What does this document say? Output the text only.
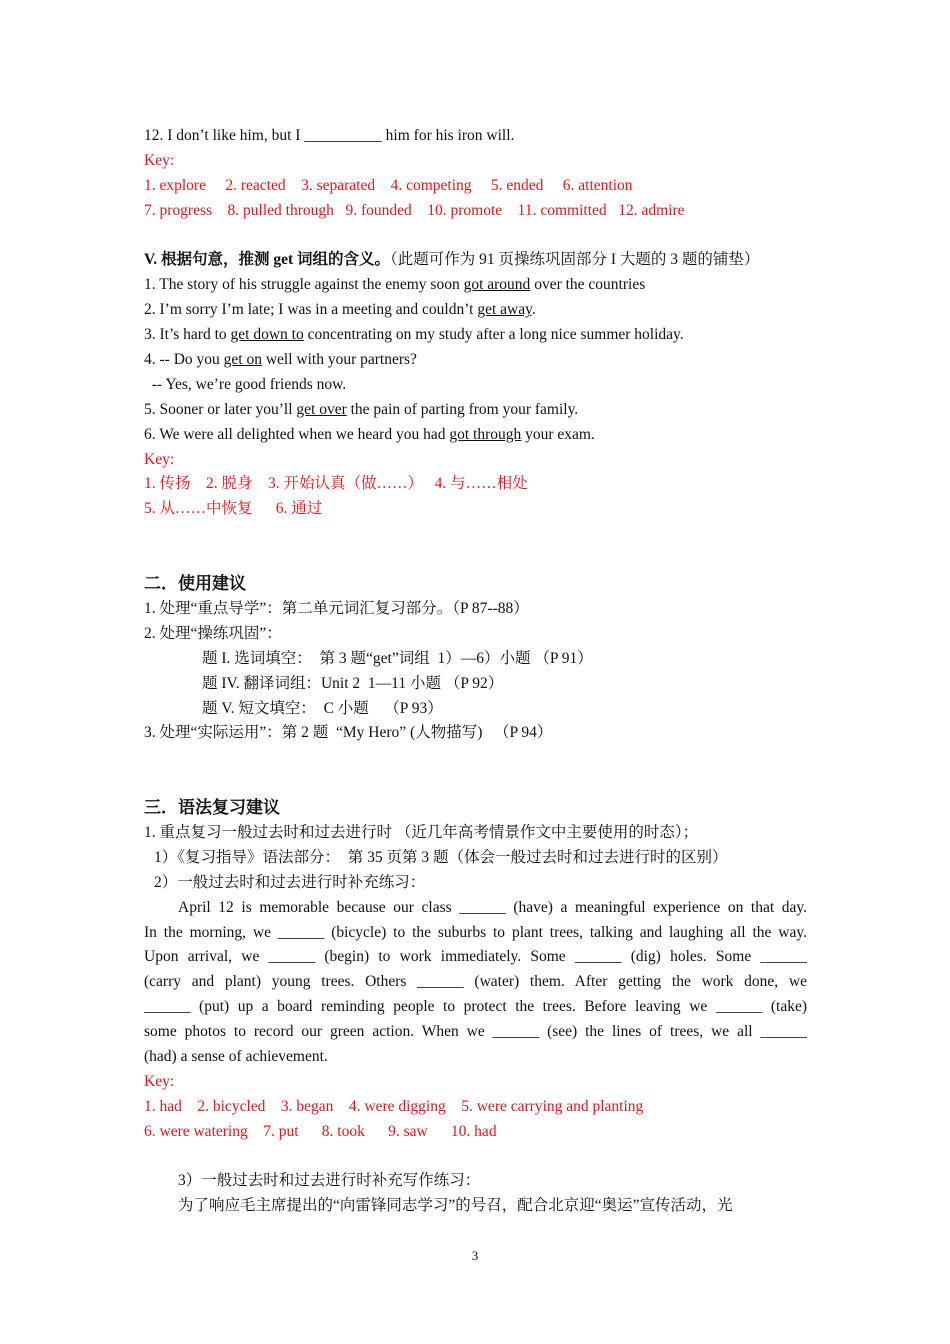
12. I don’t like him, but I __________ him for his iron will.
Key:
1. explore     2. reacted    3. separated    4. competing     5. ended     6. attention
7. progress    8. pulled through   9. founded    10. promote    11. committed   12. admire
V. 根据句意，推测 get 词组的含义。（此题可作为 91 页操练巩固部分 I 大题的 3 题的铺垫）
1. The story of his struggle against the enemy soon got around over the countries
2. I’m sorry I’m late; I was in a meeting and couldn’t get away.
3. It’s hard to get down to concentrating on my study after a long nice summer holiday.
4. -- Do you get on well with your partners?
-- Yes, we’re good friends now.
5. Sooner or later you’ll get over the pain of parting from your family.
6. We were all delighted when we heard you had got through your exam.
Key:
1. 传扬    2. 脱身    3. 开始认真（做……）   4. 与……相处
5. 从……中恢复      6. 通过
二．使用建议
1. 处理“重点导学”：第二单元词汇复习部分。（P 87--88）
2. 处理“操练巩固”：
题 I. 选词填空：  第 3 题“get”词组  1）—6）小题 （P 91）
题 IV. 翻译词组：Unit 2  1—11 小题 （P 92）
题 V. 短文填空：  C 小题    （P 93）
3. 处理“实际运用”：第 2 题  “My Hero” (人物描写)   （P 94）
三．语法复习建议
1. 重点复习一般过去时和过去进行时 （近几年高考情景作文中主要使用的时态）；
1）《复习指导》语法部分：  第 35 页第 3 题（体会一般过去时和过去进行时的区别）
2）一般过去时和过去进行时补充练习：
April 12 is memorable because our class ______ (have) a meaningful experience on that day.
In the morning, we ______ (bicycle) to the suburbs to plant trees, talking and laughing all the way.
Upon arrival, we ______ (begin) to work immediately. Some ______ (dig) holes. Some ______
(carry and plant) young trees. Others ______ (water) them. After getting the work done, we
______ (put) up a board reminding people to protect the trees. Before leaving we ______ (take)
some photos to record our green action. When we ______ (see) the lines of trees, we all ______
(had) a sense of achievement.
Key:
1. had    2. bicycled    3. began    4. were digging    5. were carrying and planting
6. were watering    7. put      8. took      9. saw      10. had
3）一般过去时和过去进行时补充写作练习：
为了响应毛主席提出的“向雷锋同志学习”的号召，配合北京迎“奥运”宣传活动，光
3
